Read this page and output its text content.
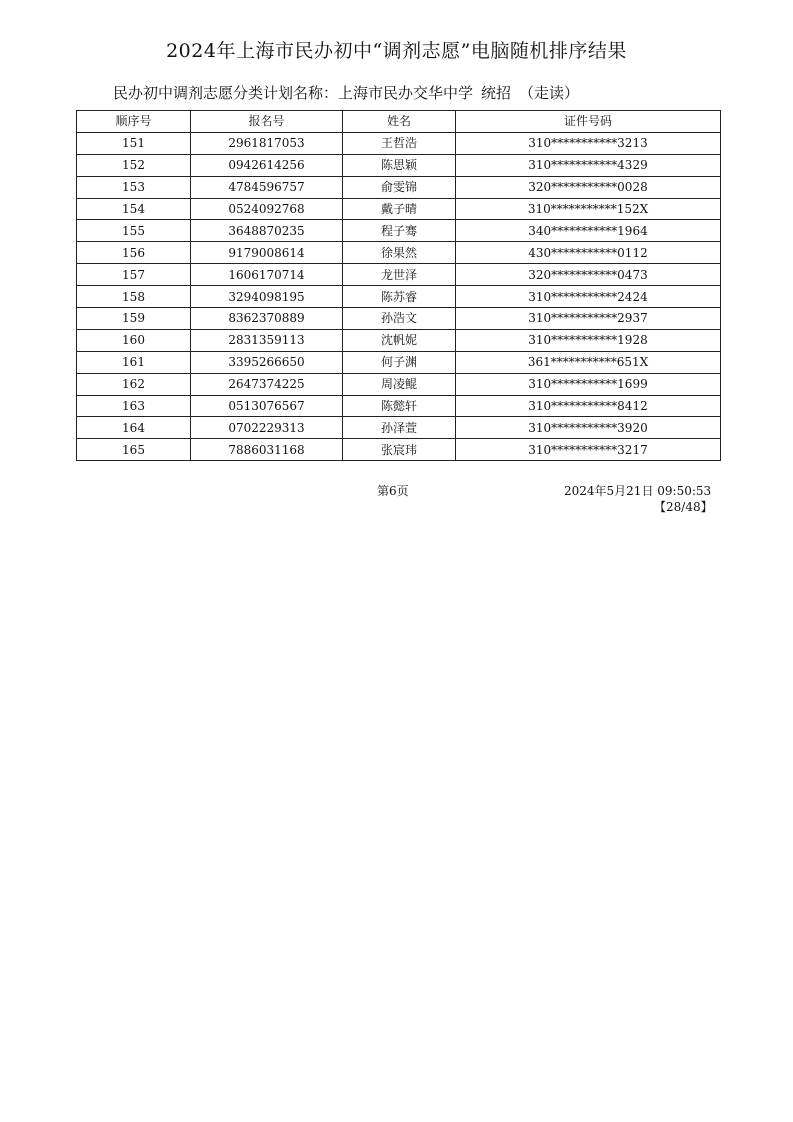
2024年上海市民办初中“调剂志愿”电脑随机排序结果
民办初中调剂志愿分类计划名称：上海市民办交华中学 统招 （走读）
顺序号	报名号	姓名	证件号码
151	2961817053	王哲浩	310***********3213
152	0942614256	陈思颖	310***********4329
153	4784596757	俞雯锦	320***********0028
154	0524092768	戴子晴	310***********152X
155	3648870235	程子骞	340***********1964
156	9179008614	徐果然	430***********0112
157	1606170714	龙世泽	320***********0473
158	3294098195	陈苏睿	310***********2424
159	8362370889	孙浩文	310***********2937
160	2831359113	沈帆妮	310***********1928
161	3395266650	何子渊	361***********651X
162	2647374225	周凌鲲	310***********1699
163	0513076567	陈懿轩	310***********8412
164	0702229313	孙泽萱	310***********3920
165	7886031168	张宸玮	310***********3217
第6页	2024年5月21日 09:50:53
【28/48】
